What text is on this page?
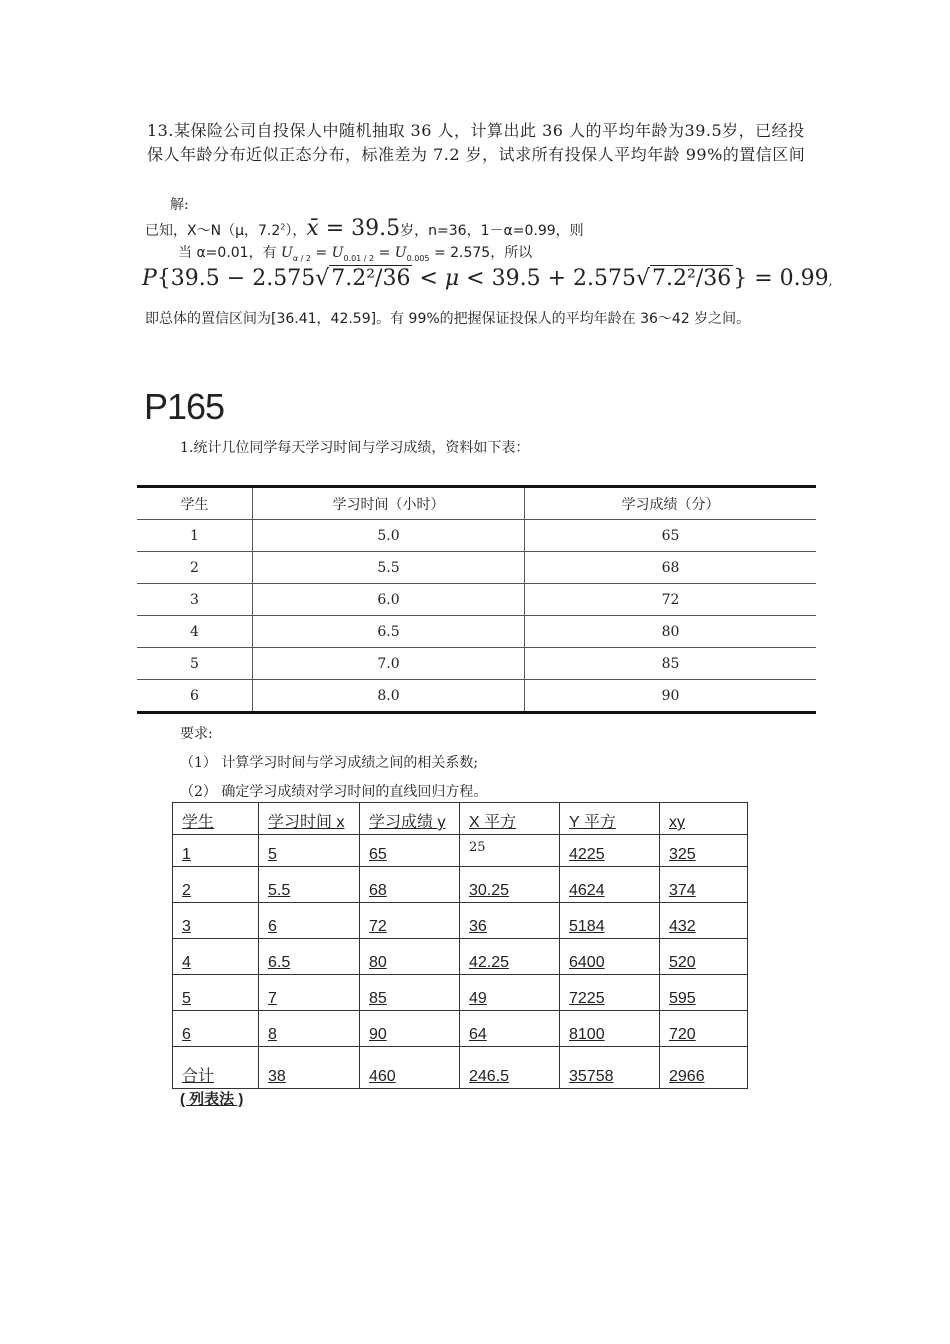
13.某保险公司自投保人中随机抽取 36 人，计算出此 36 人的平均年龄为39.5岁，已经投保人年龄分布近似正态分布，标准差为 7.2 岁，试求所有投保人平均年龄 99%的置信区间
解:
已知，X～N（μ，$7.2^2$），x̄ = 39.5岁，n=36，1－α=0.99，则
当 α=0.01，有 $U_{\alpha / 2} = U_{0.01 / 2} = U_{0.005} = 2.575$，所以
P{39.5 − 2.575√7.2²/36 < μ < 39.5 + 2.575√7.2²/36} = 0.99,
即总体的置信区间为[36.41，42.59]。有 99%的把握保证投保人的平均年龄在 36～42 岁之间。
P165
1.统计几位同学每天学习时间与学习成绩，资料如下表：
学生	学习时间（小时）	学习成绩（分）
1	5.0	65
2	5.5	68
3	6.0	72
4	6.5	80
5	7.0	85
6	8.0	90
要求:
（1） 计算学习时间与学习成绩之间的相关系数;
（2） 确定学习成绩对学习时间的直线回归方程。
学生	学习时间 x	学习成绩 y	X 平方	Y 平方	xy
1	5	65	25	4225	325
2	5.5	68	30.25	4624	374
3	6	72	36	5184	432
4	6.5	80	42.25	6400	520
5	7	85	49	7225	595
6	8	90	64	8100	720
合计	38	460	246.5	35758	2966
( 列表法 )
